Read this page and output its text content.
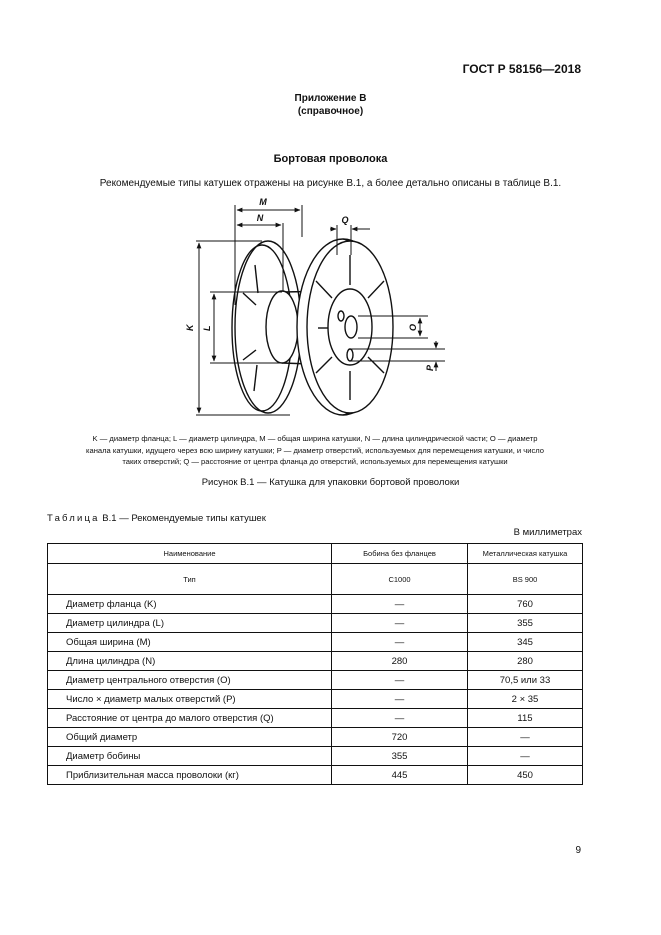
ГОСТ Р 58156—2018
Приложение В
(справочное)
Бортовая проволока
Рекомендуемые типы катушек отражены на рисунке В.1, а более детально описаны в таблице В.1.
M
N	Q
K L	O
P
K — диаметр фланца; L — диаметр цилиндра, M — общая ширина катушки, N — длина цилиндрической части; O — диаметр
канала катушки, идущего через всю ширину катушки; P — диаметр отверстий, используемых для перемещения катушки, и число
таких отверстий; Q — расстояние от центра фланца до отверстий, используемых для перемещения катушки
Рисунок В.1 — Катушка для упаковки бортовой проволоки
Таблица В.1 — Рекомендуемые типы катушек
В миллиметрах
Наименование	Бобина без фланцев	Металлическая катушка
Тип	C1000	BS 900
Диаметр фланца (K)	—	760
Диаметр цилиндра (L)	—	355
Общая ширина (M)	—	345
Длина цилиндра (N)	280	280
Диаметр центрального отверстия (O)	—	70,5 или 33
Число × диаметр малых отверстий (P)	—	2 × 35
Расстояние от центра до малого отверстия (Q)	—	115
Общий диаметр	720	—
Диаметр бобины	355	—
Приблизительная масса проволоки (кг)	445	450
9
